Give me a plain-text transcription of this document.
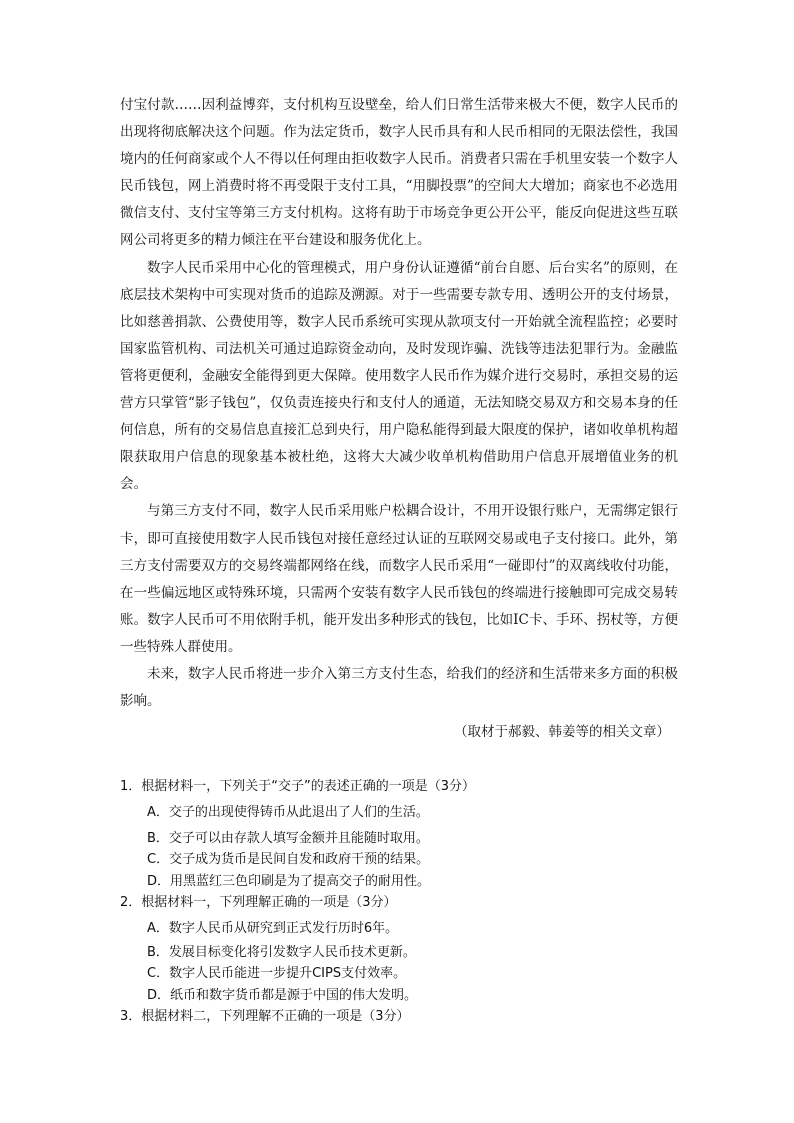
付宝付款……因利益博弈，支付机构互设壁垒，给人们日常生活带来极大不便，数字人民币的出现将彻底解决这个问题。作为法定货币，数字人民币具有和人民币相同的无限法偿性，我国境内的任何商家或个人不得以任何理由拒收数字人民币。消费者只需在手机里安装一个数字人民币钱包，网上消费时将不再受限于支付工具，“用脚投票”的空间大大增加；商家也不必选用微信支付、支付宝等第三方支付机构。这将有助于市场竞争更公开公平，能反向促进这些互联网公司将更多的精力倾注在平台建设和服务优化上。

数字人民币采用中心化的管理模式，用户身份认证遵循“前台自愿、后台实名”的原则，在底层技术架构中可实现对货币的追踪及溯源。对于一些需要专款专用、透明公开的支付场景，比如慈善捐款、公费使用等，数字人民币系统可实现从款项支付一开始就全流程监控；必要时国家监管机构、司法机关可通过追踪资金动向，及时发现诈骗、洗钱等违法犯罪行为。金融监管将更便利，金融安全能得到更大保障。使用数字人民币作为媒介进行交易时，承担交易的运营方只掌管“影子钱包”，仅负责连接央行和支付人的通道，无法知晓交易双方和交易本身的任何信息，所有的交易信息直接汇总到央行，用户隐私能得到最大限度的保护，诸如收单机构超限获取用户信息的现象基本被杜绝，这将大大减少收单机构借助用户信息开展增值业务的机会。

与第三方支付不同，数字人民币采用账户松耦合设计，不用开设银行账户，无需绑定银行卡，即可直接使用数字人民币钱包对接任意经过认证的互联网交易或电子支付接口。此外，第三方支付需要双方的交易终端都网络在线，而数字人民币采用“一碰即付”的双离线收付功能，在一些偏远地区或特殊环境，只需两个安装有数字人民币钱包的终端进行接触即可完成交易转账。数字人民币可不用依附手机，能开发出多种形式的钱包，比如IC卡、手环、拐杖等，方便一些特殊人群使用。

未来，数字人民币将进一步介入第三方支付生态，给我们的经济和生活带来多方面的积极影响。

（取材于郝毅、韩姜等的相关文章）
1．根据材料一，下列关于“交子”的表述正确的一项是（3分）
A．交子的出现使得铸币从此退出了人们的生活。
B．交子可以由存款人填写金额并且能随时取用。
C．交子成为货币是民间自发和政府干预的结果。
D．用黑蓝红三色印刷是为了提高交子的耐用性。
2．根据材料一，下列理解正确的一项是（3分）
A．数字人民币从研究到正式发行历时6年。
B．发展目标变化将引发数字人民币技术更新。
C．数字人民币能进一步提升CIPS支付效率。
D．纸币和数字货币都是源于中国的伟大发明。
3．根据材料二，下列理解不正确的一项是（3分）
